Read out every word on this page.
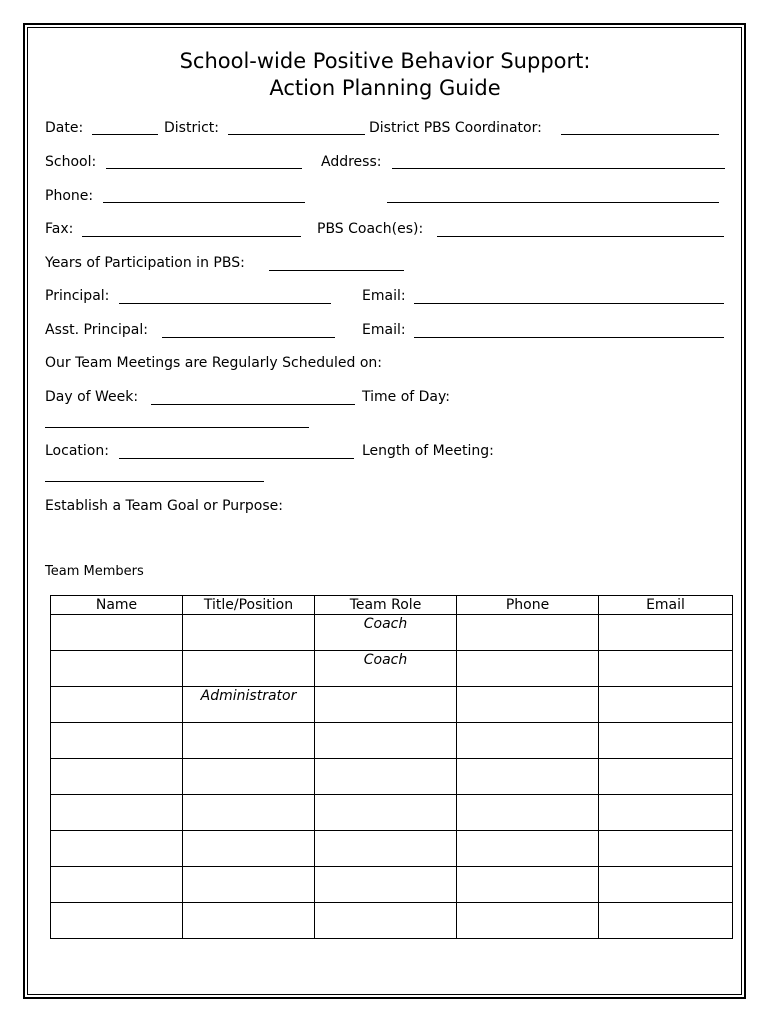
School-wide Positive Behavior Support:
Action Planning Guide
Date:	District:	District PBS Coordinator:
School:	Address:
Phone:
Fax:	PBS Coach(es):
Years of Participation in PBS:
Principal:	Email:
Asst. Principal:	Email:
Our Team Meetings are Regularly Scheduled on:
Day of Week:	Time of Day:
Location:	Length of Meeting:
Establish a Team Goal or Purpose:
Team Members
Name	Title/Position	Team Role	Phone	Email
		Coach		
		Coach		
	Administrator			
